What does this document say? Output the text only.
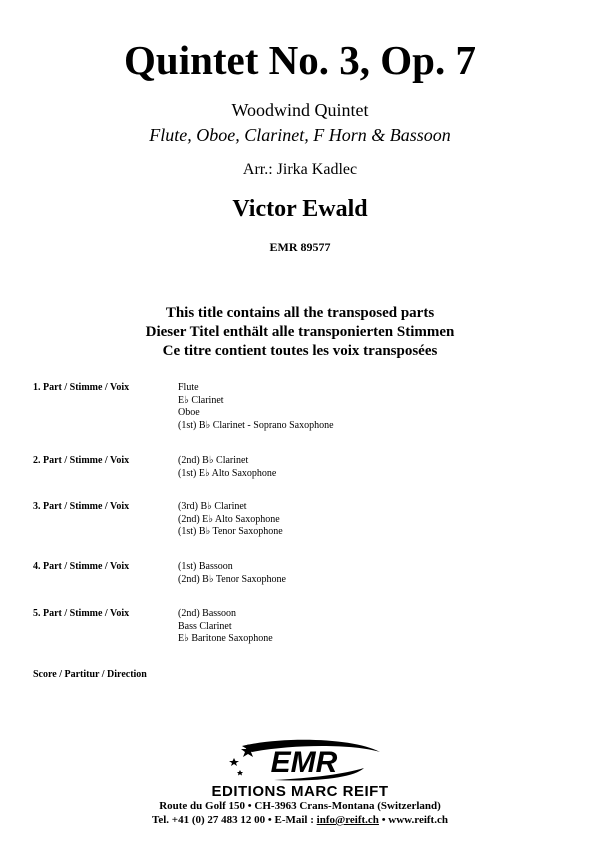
Quintet No. 3, Op. 7
Woodwind Quintet
Flute, Oboe, Clarinet, F Horn & Bassoon
Arr.: Jirka Kadlec
Victor Ewald
EMR 89577
This title contains all the transposed parts
Dieser Titel enthält alle transponierten Stimmen
Ce titre contient toutes les voix transposées
1. Part / Stimme / Voix	Flute
E♭ Clarinet
Oboe
(1st) B♭ Clarinet - Soprano Saxophone
2. Part / Stimme / Voix	(2nd) B♭ Clarinet
(1st) E♭ Alto Saxophone
3. Part / Stimme / Voix	(3rd) B♭ Clarinet
(2nd) E♭ Alto Saxophone
(1st) B♭ Tenor Saxophone
4. Part / Stimme / Voix	(1st) Bassoon
(2nd) B♭ Tenor Saxophone
5. Part / Stimme / Voix	(2nd) Bassoon
Bass Clarinet
E♭ Baritone Saxophone
Score / Partitur / Direction
EMR
EDITIONS MARC REIFT
Route du Golf 150 • CH-3963 Crans-Montana (Switzerland)
Tel. +41 (0) 27 483 12 00 • E-Mail : info@reift.ch • www.reift.ch
